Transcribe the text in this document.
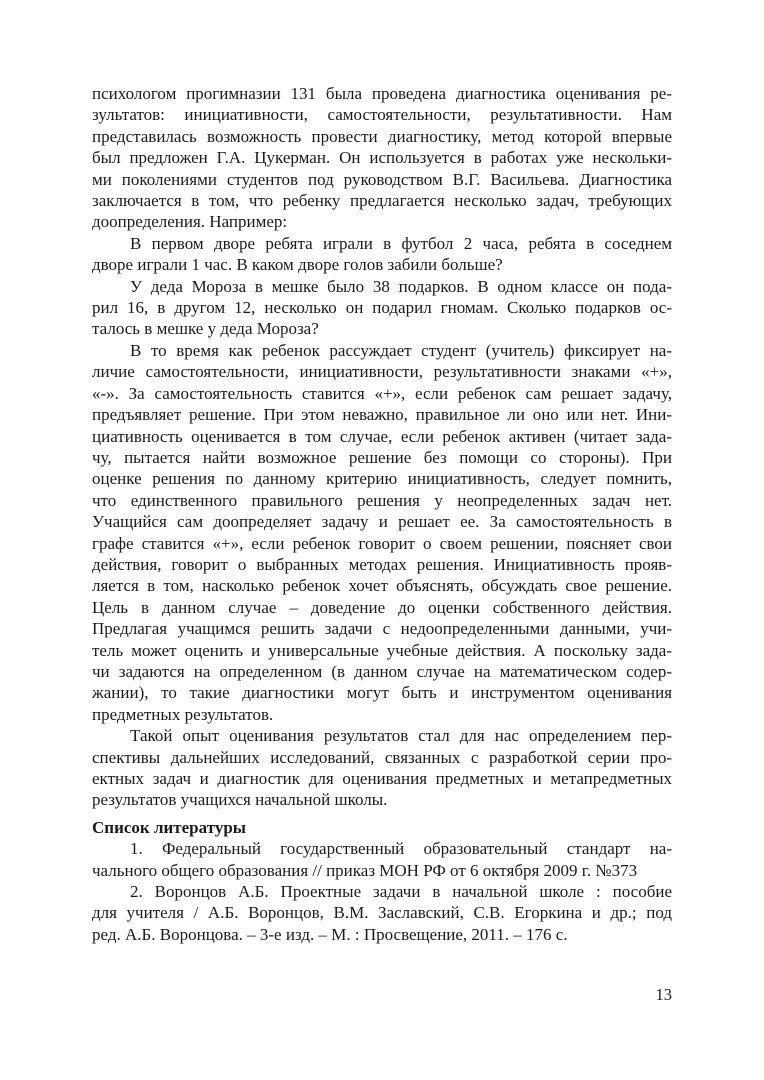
психологом прогимназии 131 была проведена диагностика оценивания ре-
зультатов: инициативности, самостоятельности, результативности. Нам
представилась возможность провести диагностику, метод которой впервые
был предложен Г.А. Цукерман. Он используется в работах уже нескольки-
ми поколениями студентов под руководством В.Г. Васильева. Диагностика
заключается в том, что ребенку предлагается несколько задач, требующих
доопределения. Например:
В первом дворе ребята играли в футбол 2 часа, ребята в соседнем
дворе играли 1 час. В каком дворе голов забили больше?
У деда Мороза в мешке было 38 подарков. В одном классе он пода-
рил 16, в другом 12, несколько он подарил гномам. Сколько подарков ос-
талось в мешке у деда Мороза?
В то время как ребенок рассуждает студент (учитель) фиксирует на-
личие самостоятельности, инициативности, результативности знаками «+»,
«-». За самостоятельность ставится «+», если ребенок сам решает задачу,
предъявляет решение. При этом неважно, правильное ли оно или нет. Ини-
циативность оценивается в том случае, если ребенок активен (читает зада-
чу, пытается найти возможное решение без помощи со стороны). При
оценке решения по данному критерию инициативность, следует помнить,
что единственного правильного решения у неопределенных задач нет.
Учащийся сам доопределяет задачу и решает ее. За самостоятельность в
графе ставится «+», если ребенок говорит о своем решении, поясняет свои
действия, говорит о выбранных методах решения. Инициативность прояв-
ляется в том, насколько ребенок хочет объяснять, обсуждать свое решение.
Цель в данном случае – доведение до оценки собственного действия.
Предлагая учащимся решить задачи с недоопределенными данными, учи-
тель может оценить и универсальные учебные действия. А поскольку зада-
чи задаются на определенном (в данном случае на математическом содер-
жании), то такие диагностики могут быть и инструментом оценивания
предметных результатов.
Такой опыт оценивания результатов стал для нас определением пер-
спективы дальнейших исследований, связанных с разработкой серии про-
ектных задач и диагностик для оценивания предметных и метапредметных
результатов учащихся начальной школы.
Список литературы
1. Федеральный государственный образовательный стандарт на-
чального общего образования // приказ МОН РФ от 6 октября 2009 г. №373
2. Воронцов А.Б. Проектные задачи в начальной школе : пособие
для учителя / А.Б. Воронцов, В.М. Заславский, С.В. Егоркина и др.; под
ред. А.Б. Воронцова. – 3-е изд. – М. : Просвещение, 2011. – 176 с.
13
